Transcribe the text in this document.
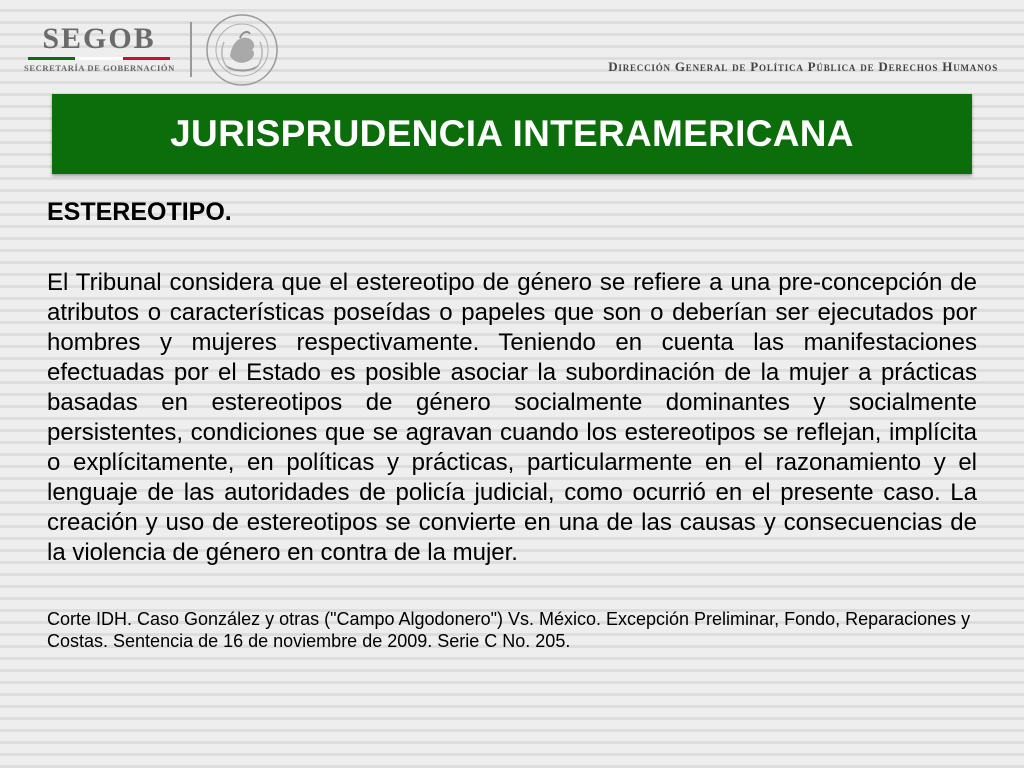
SEGOB
SECRETARÍA DE GOBERNACIÓN	Dirección General de Política Pública de Derechos Humanos
JURISPRUDENCIA INTERAMERICANA
ESTEREOTIPO.

El Tribunal considera que el estereotipo de género se refiere a una pre-concepción de atributos o características poseídas o papeles que son o deberían ser ejecutados por hombres y mujeres respectivamente. Teniendo en cuenta las manifestaciones efectuadas por el Estado es posible asociar la subordinación de la mujer a prácticas basadas en estereotipos de género socialmente dominantes y socialmente persistentes, condiciones que se agravan cuando los estereotipos se reflejan, implícita o explícitamente, en políticas y prácticas, particularmente en el razonamiento y el lenguaje de las autoridades de policía judicial, como ocurrió en el presente caso. La creación y uso de estereotipos se convierte en una de las causas y consecuencias de la violencia de género en contra de la mujer.

Corte IDH. Caso González y otras ("Campo Algodonero") Vs. México. Excepción Preliminar, Fondo, Reparaciones y Costas. Sentencia de 16 de noviembre de 2009. Serie C No. 205.
